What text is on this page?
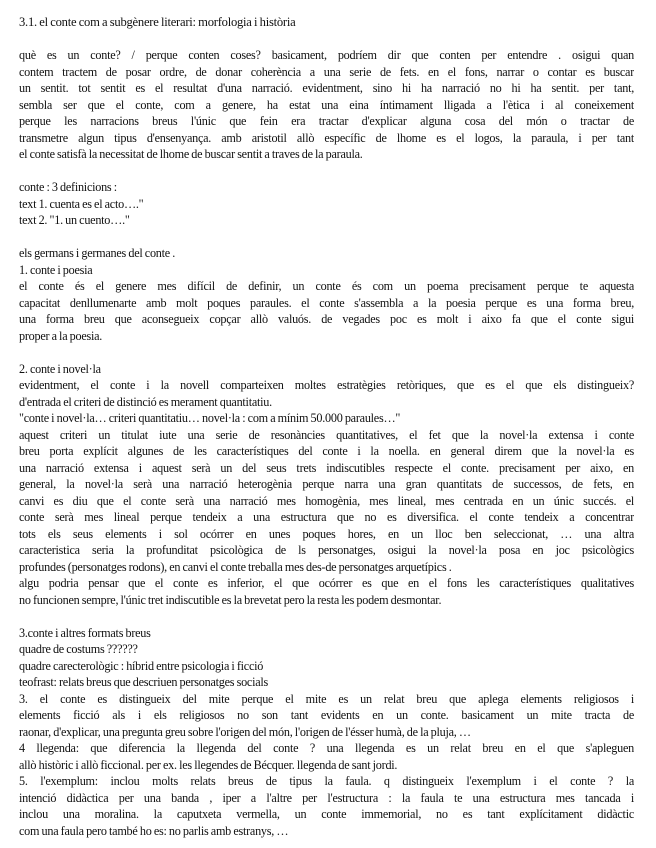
3.1. el conte com a subgènere literari: morfologia i història
què es un conte? / perque conten coses? basicament, podríem dir que conten per entendre . osigui quan
contem tractem de posar ordre, de donar coherència a una serie de fets. en el fons, narrar o contar es buscar
un sentit. tot sentit es el resultat d'una narració. evidentment, sino hi ha narració no hi ha sentit. per tant,
sembla ser que el conte, com a genere, ha estat una eina íntimament lligada a l'ètica i al coneixement
perque les narracions breus l'únic que fein era tractar d'explicar alguna cosa del món o tractar de
transmetre algun tipus d'ensenyança. amb aristotil allò específic de lhome es el logos, la paraula, i per tant
el conte satisfà la necessitat de lhome de buscar sentit a traves de la paraula.
conte : 3 definicions :
text 1. cuenta es el acto…."
text 2. "1. un cuento…."
els germans i germanes del conte .
1. conte i poesia
el conte és el genere mes difícil de definir, un conte és com un poema precisament perque te aquesta
capacitat denllumenarte amb molt poques paraules. el conte s'assembla a la poesia perque es una forma breu,
una forma breu que aconsegueix copçar allò valuós. de vegades poc es molt i aixo fa que el conte sigui
proper a la poesia.
2. conte i novel·la
evidentment, el conte i la novell comparteixen moltes estratègies retòriques, que es el que els distingueix?
d'entrada el criteri de distinció es merament quantitatiu.
"conte i novel·la… criteri quantitatiu… novel·la : com a mínim 50.000 paraules…"
aquest criteri un titulat iute una serie de resonàncies quantitatives, el fet que la novel·la extensa i conte
breu porta explícit algunes de les característiques del conte i la noella. en general direm que la novel·la es
una narració extensa i aquest serà un del seus trets indiscutibles respecte el conte. precisament per aixo, en
general, la novel·la serà una narració heterogènia perque narra una gran quantitats de successos, de fets, en
canvi es diu que el conte serà una narració mes homogènia, mes lineal, mes centrada en un únic succés. el
conte serà mes lineal perque tendeix a una estructura que no es diversifica. el conte tendeix a concentrar
tots els seus elements i sol ocórrer en unes poques hores, en un lloc ben seleccionat, … una altra
caracteristica seria la profunditat psicològica de ls personatges, osigui la novel·la posa en joc psicològics
profundes (personatges rodons), en canvi el conte treballa mes des-de personatges arquetípics .
algu podria pensar que el conte es inferior, el que ocórrer es que en el fons les característiques qualitatives
no funcionen sempre, l'únic tret indiscutible es la brevetat pero la resta les podem desmontar.
3.conte i altres formats breus
quadre de costums ??????
quadre carecterològic : híbrid entre psicologia i ficció
teofrast: relats breus que descriuen personatges socials
3. el conte es distingueix del mite perque el mite es un relat breu que aplega elements religiosos i
elements ficció als i els religiosos no son tant evidents en un conte. basicament un mite tracta de
raonar, d'explicar, una pregunta greu sobre l'origen del món, l'origen de l'ésser humà, de la pluja, …
4 llegenda: que diferencia la llegenda del conte ? una llegenda es un relat breu en el que s'apleguen
allò històric i allò ficcional. per ex. les llegendes de Bécquer. llegenda de sant jordi.
5. l'exemplum: inclou molts relats breus de tipus la faula. q distingueix l'exemplum i el conte ? la
intenció didàctica per una banda , iper a l'altre per l'estructura : la faula te una estructura mes tancada i
inclou una moralina. la caputxeta vermella, un conte immemorial, no es tant explícitament didàctic
com una faula pero també ho es: no parlis amb estranys, …
